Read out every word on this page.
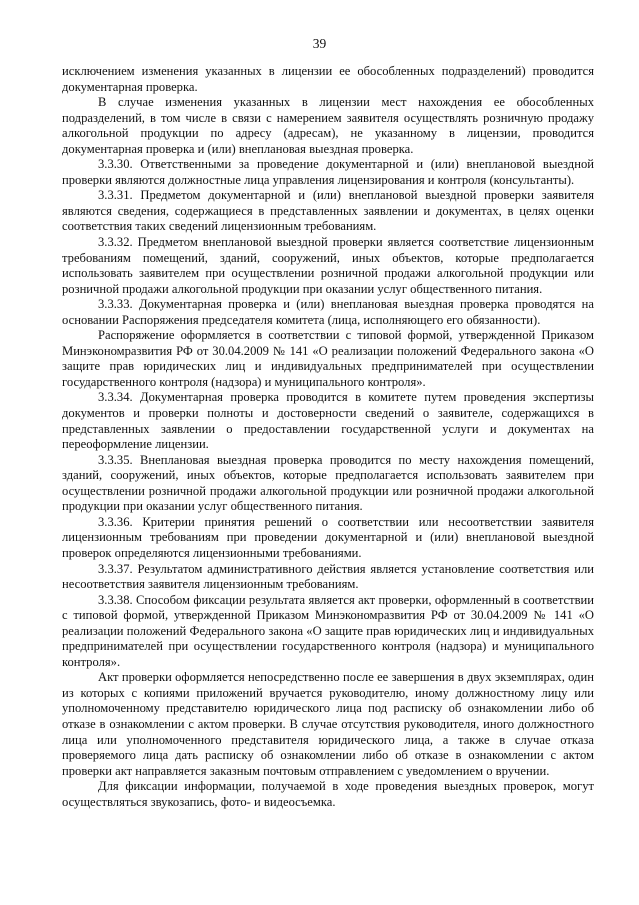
39

исключением изменения указанных в лицензии ее обособленных подразделений) проводится документарная проверка.

В случае изменения указанных в лицензии мест нахождения ее обособленных подразделений, в том числе в связи с намерением заявителя осуществлять розничную продажу алкогольной продукции по адресу (адресам), не указанному в лицензии, проводится документарная проверка и (или) внеплановая выездная проверка.

3.3.30. Ответственными за проведение документарной и (или) внеплановой выездной проверки являются должностные лица управления лицензирования и контроля (консультанты).

3.3.31. Предметом документарной и (или) внеплановой выездной проверки заявителя являются сведения, содержащиеся в представленных заявлении и документах, в целях оценки соответствия таких сведений лицензионным требованиям.

3.3.32. Предметом внеплановой выездной проверки является соответствие лицензионным требованиям помещений, зданий, сооружений, иных объектов, которые предполагается использовать заявителем при осуществлении розничной продажи алкогольной продукции или розничной продажи алкогольной продукции при оказании услуг общественного питания.

3.3.33. Документарная проверка и (или) внеплановая выездная проверка проводятся на основании Распоряжения председателя комитета (лица, исполняющего его обязанности).

Распоряжение оформляется в соответствии с типовой формой, утвержденной Приказом Минэкономразвития РФ от 30.04.2009 № 141 «О реализации положений Федерального закона «О защите прав юридических лиц и индивидуальных предпринимателей при осуществлении государственного контроля (надзора) и муниципального контроля».

3.3.34. Документарная проверка проводится в комитете путем проведения экспертизы документов и проверки полноты и достоверности сведений о заявителе, содержащихся в представленных заявлении о предоставлении государственной услуги и документах на переоформление лицензии.

3.3.35. Внеплановая выездная проверка проводится по месту нахождения помещений, зданий, сооружений, иных объектов, которые предполагается использовать заявителем при осуществлении розничной продажи алкогольной продукции или розничной продажи алкогольной продукции при оказании услуг общественного питания.

3.3.36. Критерии принятия решений о соответствии или несоответствии заявителя лицензионным требованиям при проведении документарной и (или) внеплановой выездной проверок определяются лицензионными требованиями.

3.3.37. Результатом административного действия является установление соответствия или несоответствия заявителя лицензионным требованиям.

3.3.38. Способом фиксации результата является акт проверки, оформленный в соответствии с типовой формой, утвержденной Приказом Минэкономразвития РФ от 30.04.2009 № 141 «О реализации положений Федерального закона «О защите прав юридических лиц и индивидуальных предпринимателей при осуществлении государственного контроля (надзора) и муниципального контроля».

Акт проверки оформляется непосредственно после ее завершения в двух экземплярах, один из которых с копиями приложений вручается руководителю, иному должностному лицу или уполномоченному представителю юридического лица под расписку об ознакомлении либо об отказе в ознакомлении с актом проверки. В случае отсутствия руководителя, иного должностного лица или уполномоченного представителя юридического лица, а также в случае отказа проверяемого лица дать расписку об ознакомлении либо об отказе в ознакомлении с актом проверки акт направляется заказным почтовым отправлением с уведомлением о вручении.

Для фиксации информации, получаемой в ходе проведения выездных проверок, могут осуществляться звукозапись, фото- и видеосъемка.
